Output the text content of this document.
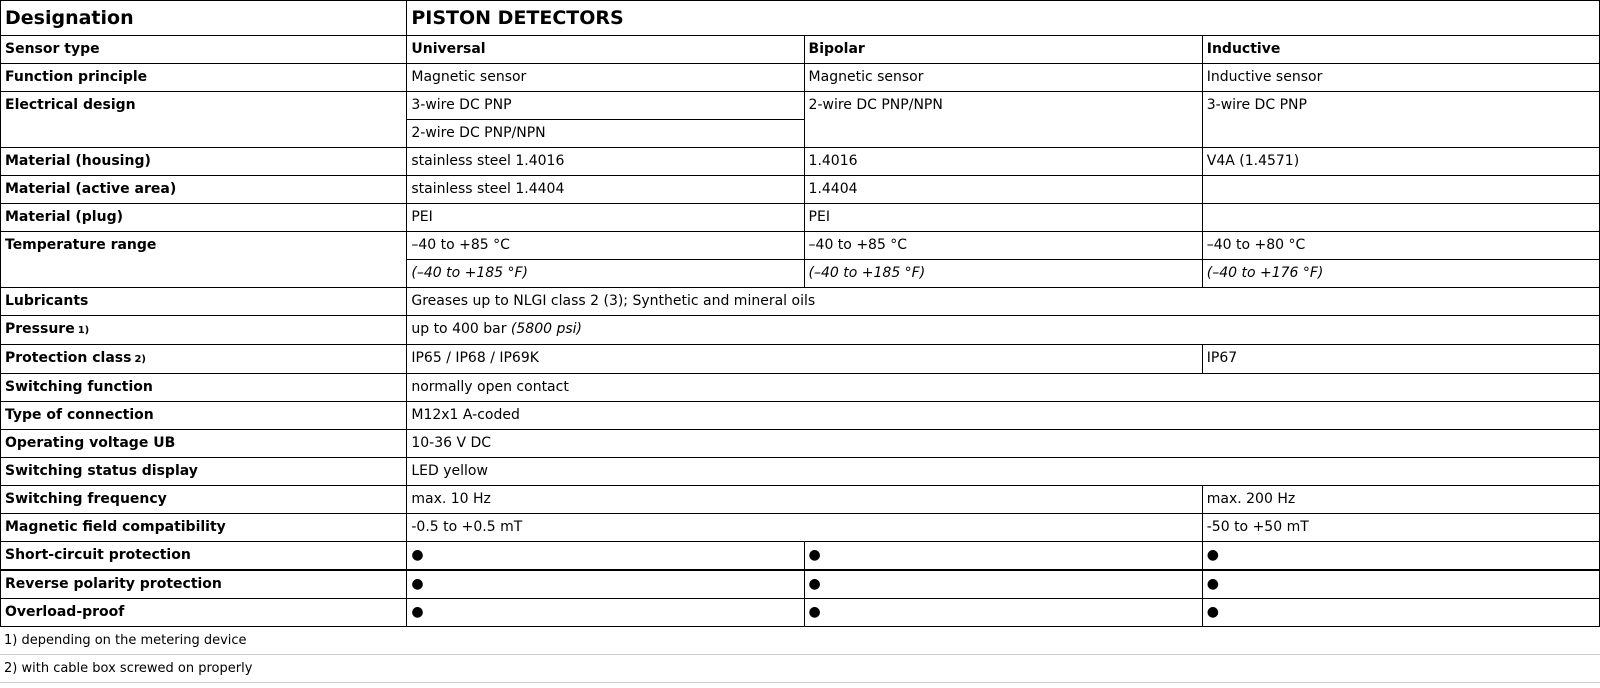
Designation	PISTON DETECTORS		
Sensor type	Universal	Bipolar	Inductive
Function principle	Magnetic sensor	Magnetic sensor	Inductive sensor
Electrical design	3-wire DC PNP	2-wire DC PNP/NPN	3-wire DC PNP
	2-wire DC PNP/NPN		
Material (housing)	stainless steel 1.4016	1.4016	V4A (1.4571)
Material (active area)	stainless steel 1.4404	1.4404	
Material (plug)	PEI	PEI	
Temperature range	–40 to +85 °C	–40 to +85 °C	–40 to +80 °C
	(–40 to +185 °F)	(–40 to +185 °F)	(–40 to +176 °F)
Lubricants	Greases up to NLGI class 2 (3); Synthetic and mineral oils		
Pressure 1)	up to 400 bar (5800 psi)		
Protection class 2)	IP65 / IP68 / IP69K		IP67
Switching function	normally open contact		
Type of connection	M12x1 A-coded		
Operating voltage UB	10-36 V DC		
Switching status display	LED yellow		
Switching frequency	max. 10 Hz		max. 200 Hz
Magnetic field compatibility	-0.5 to +0.5 mT		-50 to +50 mT
Short-circuit protection	●	●	●
Reverse polarity protection	●	●	●
Overload-proof	●	●	●
1) depending on the metering device
2) with cable box screwed on properly
